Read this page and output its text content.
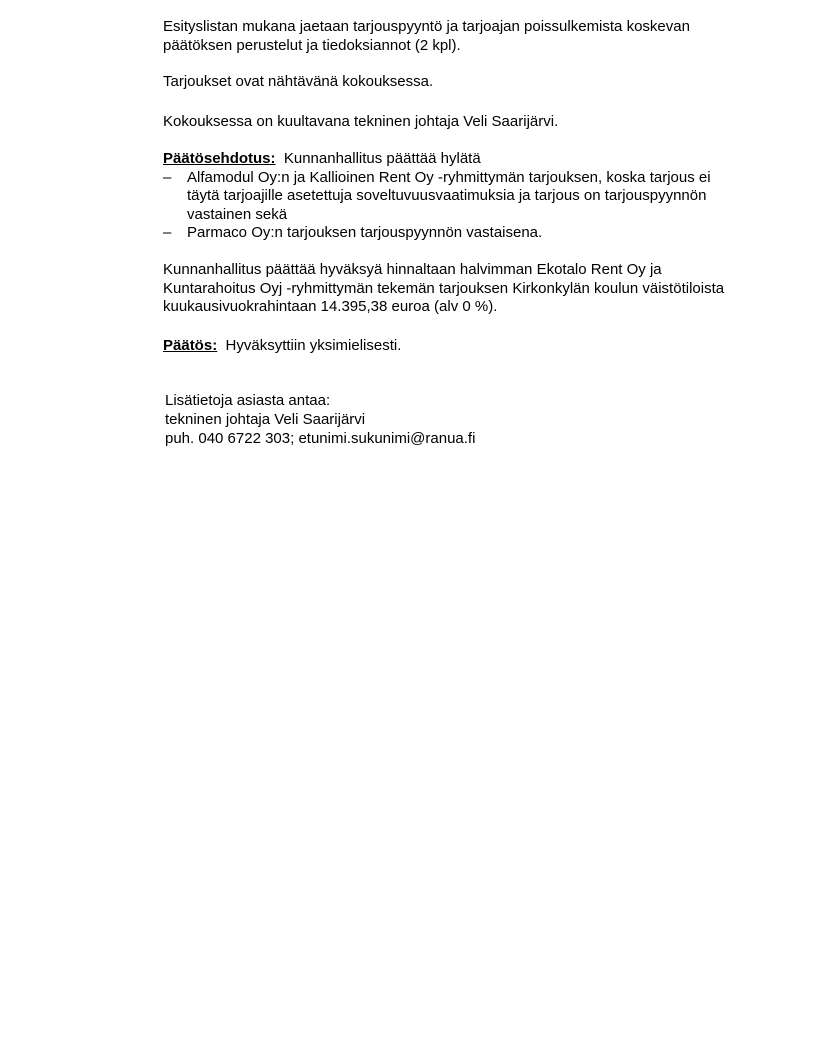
Esityslistan mukana jaetaan tarjouspyyntö ja tarjoajan poissulkemista koskevan päätöksen perustelut ja tiedoksiannot (2 kpl).

Tarjoukset ovat nähtävänä kokouksessa.

Kokouksessa on kuultavana tekninen johtaja Veli Saarijärvi.

Päätösehdotus: Kunnanhallitus päättää hylätä
– Alfamodul Oy:n ja Kallioinen Rent Oy -ryhmittymän tarjouksen, koska tarjous ei täytä tarjoajille asetettuja soveltuvuusvaatimuksia ja tarjous on tarjouspyynnön vastainen sekä
– Parmaco Oy:n tarjouksen tarjouspyynnön vastaisena.

Kunnanhallitus päättää hyväksyä hinnaltaan halvimman Ekotalo Rent Oy ja Kuntarahoitus Oyj -ryhmittymän tekemän tarjouksen Kirkonkylän koulun väistötiloista kuukausivuokrahintaan 14.395,38 euroa (alv 0 %).

Päätös: Hyväksyttiin yksimielisesti.
Lisätietoja asiasta antaa:
tekninen johtaja Veli Saarijärvi
puh. 040 6722 303; etunimi.sukunimi@ranua.fi
